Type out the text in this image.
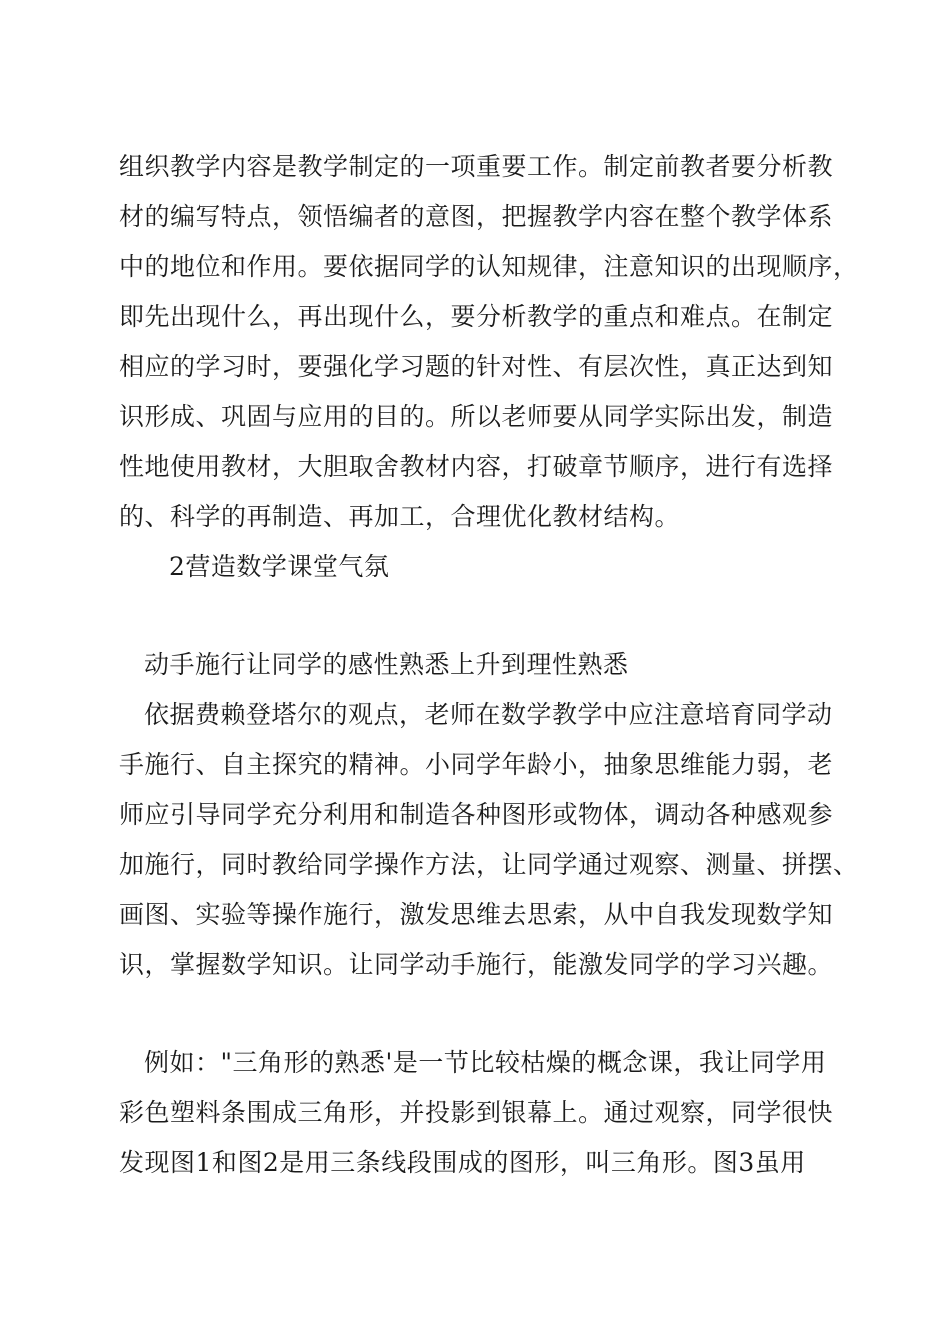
组织教学内容是教学制定的一项重要工作。制定前教者要分析教
材的编写特点，领悟编者的意图，把握教学内容在整个教学体系
中的地位和作用。要依据同学的认知规律，注意知识的出现顺序，
即先出现什么，再出现什么，要分析教学的重点和难点。在制定
相应的学习时，要强化学习题的针对性、有层次性，真正达到知
识形成、巩固与应用的目的。所以老师要从同学实际出发，制造
性地使用教材，大胆取舍教材内容，打破章节顺序，进行有选择
的、科学的再制造、再加工，合理优化教材结构。
2营造数学课堂气氛
动手施行让同学的感性熟悉上升到理性熟悉
依据费赖登塔尔的观点，老师在数学教学中应注意培育同学动
手施行、自主探究的精神。小同学年龄小，抽象思维能力弱，老
师应引导同学充分利用和制造各种图形或物体，调动各种感观参
加施行，同时教给同学操作方法，让同学通过观察、测量、拼摆、
画图、实验等操作施行，激发思维去思索，从中自我发现数学知
识，掌握数学知识。让同学动手施行，能激发同学的学习兴趣。
例如："三角形的熟悉'是一节比较枯燥的概念课，我让同学用
彩色塑料条围成三角形，并投影到银幕上。通过观察，同学很快
发现图1和图2是用三条线段围成的图形，叫三角形。图3虽用
